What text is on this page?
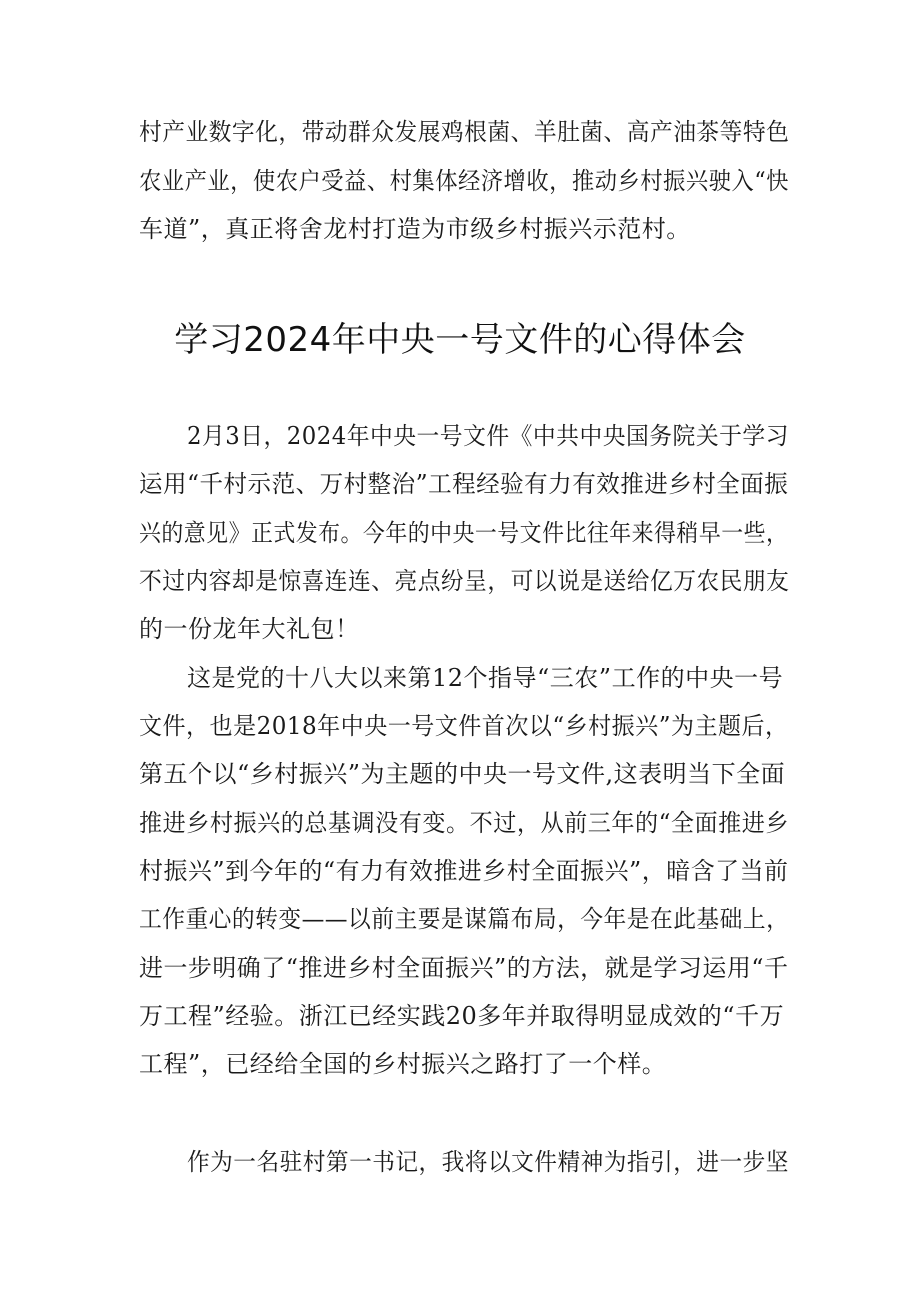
村产业数字化，带动群众发展鸡根菌、羊肚菌、高产油茶等特色
农业产业，使农户受益、村集体经济增收，推动乡村振兴驶入“快
车道”，真正将舍龙村打造为市级乡村振兴示范村。
学习2024年中央一号文件的心得体会
2月3日，2024年中央一号文件《中共中央国务院关于学习
运用“千村示范、万村整治”工程经验有力有效推进乡村全面振
兴的意见》正式发布。今年的中央一号文件比往年来得稍早一些，
不过内容却是惊喜连连、亮点纷呈，可以说是送给亿万农民朋友
的一份龙年大礼包！
这是党的十八大以来第12个指导“三农”工作的中央一号
文件，也是2018年中央一号文件首次以“乡村振兴”为主题后，
第五个以“乡村振兴”为主题的中央一号文件,这表明当下全面
推进乡村振兴的总基调没有变。不过，从前三年的“全面推进乡
村振兴”到今年的“有力有效推进乡村全面振兴”，暗含了当前
工作重心的转变——以前主要是谋篇布局，今年是在此基础上，
进一步明确了“推进乡村全面振兴”的方法，就是学习运用“千
万工程”经验。浙江已经实践20多年并取得明显成效的“千万
工程”，已经给全国的乡村振兴之路打了一个样。
作为一名驻村第一书记，我将以文件精神为指引，进一步坚
